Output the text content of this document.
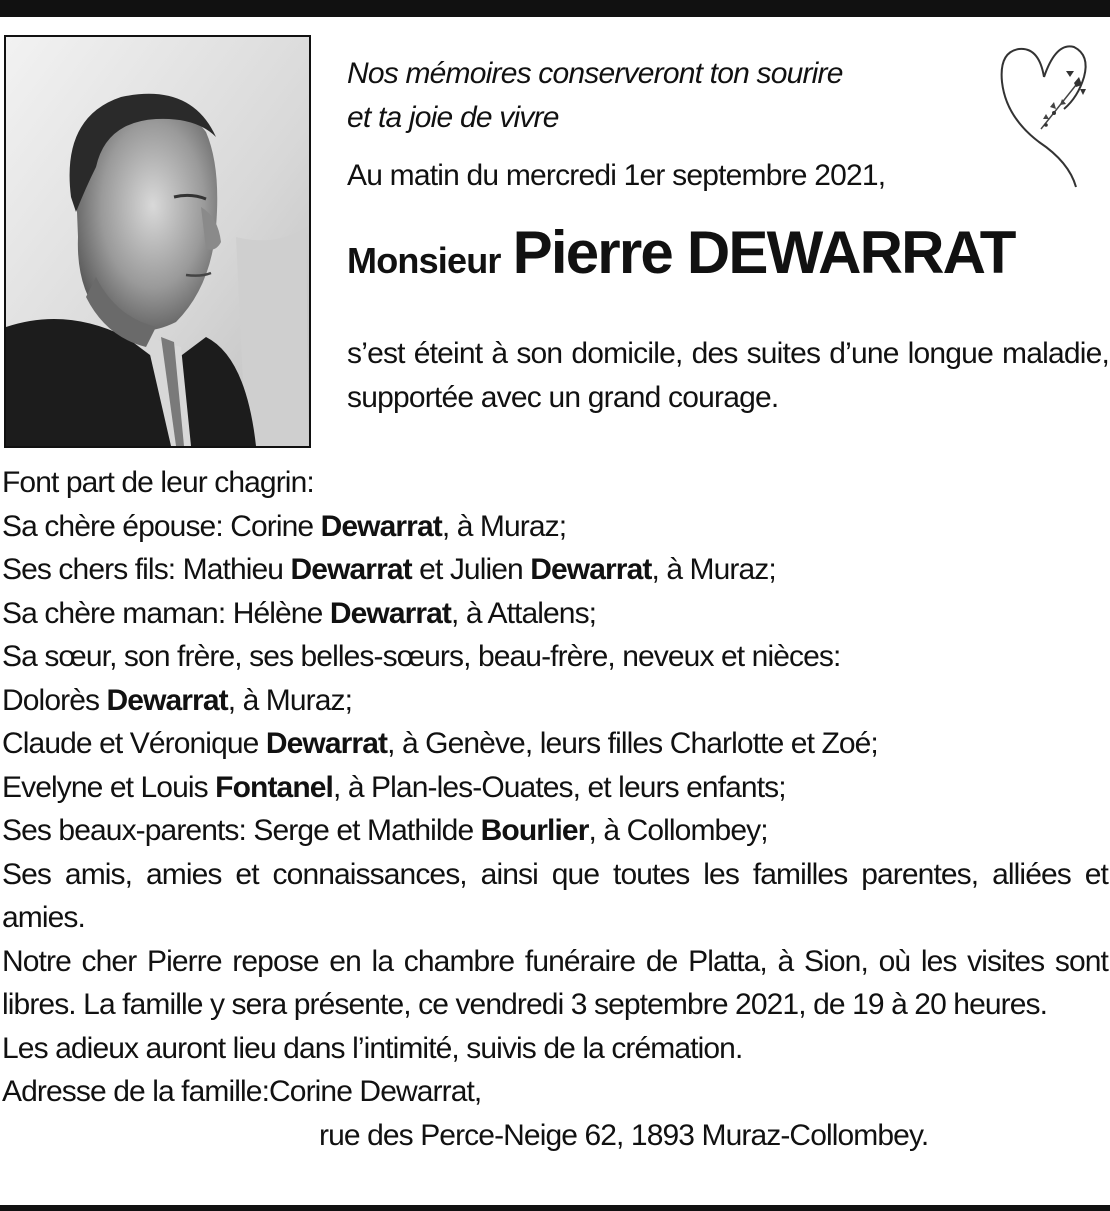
Nos mémoires conserveront ton sourire
et ta joie de vivre
Au matin du mercredi 1er septembre 2021,
Monsieur Pierre DEWARRAT
s’est éteint à son domicile, des suites d’une longue maladie, supportée avec un grand courage.
Font part de leur chagrin:
Sa chère épouse: Corine Dewarrat, à Muraz;
Ses chers fils: Mathieu Dewarrat et Julien Dewarrat, à Muraz;
Sa chère maman: Hélène Dewarrat, à Attalens;
Sa sœur, son frère, ses belles-sœurs, beau-frère, neveux et nièces:
Dolorès Dewarrat, à Muraz;
Claude et Véronique Dewarrat, à Genève, leurs filles Charlotte et Zoé;
Evelyne et Louis Fontanel, à Plan-les-Ouates, et leurs enfants;
Ses beaux-parents: Serge et Mathilde Bourlier, à Collombey;
Ses amis, amies et connaissances, ainsi que toutes les familles parentes, alliées et amies.
Notre cher Pierre repose en la chambre funéraire de Platta, à Sion, où les visites sont libres. La famille y sera présente, ce vendredi 3 septembre 2021, de 19 à 20 heures.
Les adieux auront lieu dans l’intimité, suivis de la crémation.
Adresse de la famille:Corine Dewarrat,
rue des Perce-Neige 62, 1893 Muraz-Collombey.
